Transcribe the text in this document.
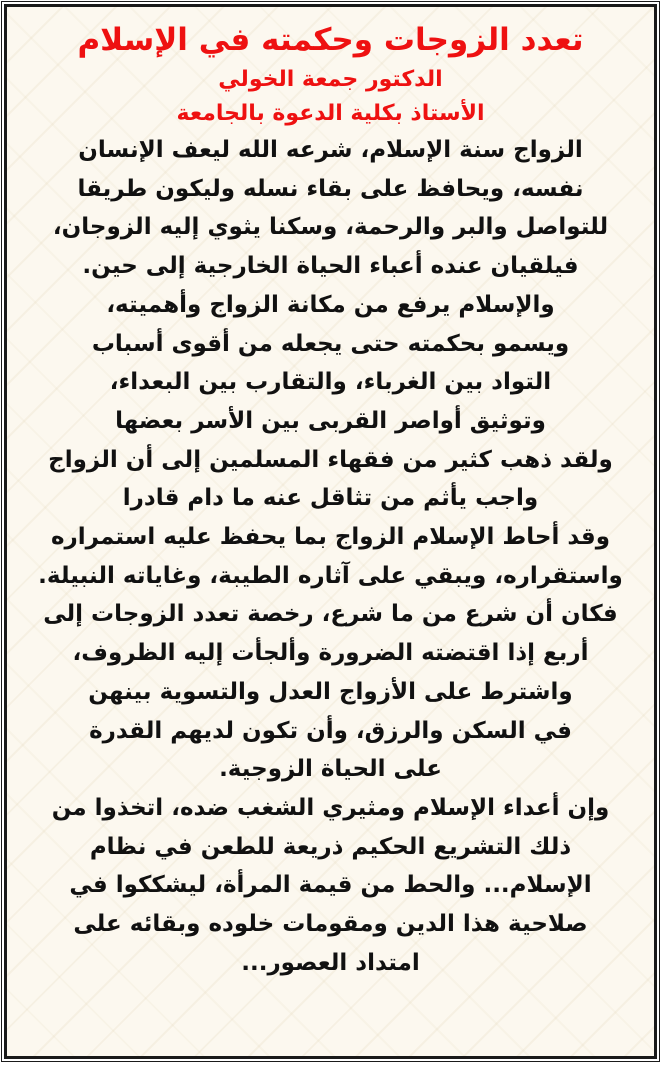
تعدد الزوجات وحكمته في الإسلام

الدكتور جمعة الخولي

الأستاذ بكلية الدعوة بالجامعة

الزواج سنة الإسلام، شرعه الله ليعف الإنسان

نفسه، ويحافظ على بقاء نسله وليكون طريقا

للتواصل والبر والرحمة، وسكنا يثوي إليه الزوجان،

فيلقيان عنده أعباء الحياة الخارجية إلى حين.

والإسلام يرفع من مكانة الزواج وأهميته،

ويسمو بحكمته حتى يجعله من أقوى أسباب

التواد بين الغرباء، والتقارب بين البعداء،

وتوثيق أواصر القربى بين الأسر بعضها

ولقد ذهب كثير من فقهاء المسلمين إلى أن الزواج

واجب يأثم من تثاقل عنه ما دام قادرا

وقد أحاط الإسلام الزواج بما يحفظ عليه استمراره

واستقراره، ويبقي على آثاره الطيبة، وغاياته النبيلة.

فكان أن شرع من ما شرع، رخصة تعدد الزوجات إلى

أربع إذا اقتضته الضرورة وألجأت إليه الظروف،

واشترط على الأزواج العدل والتسوية بينهن

في السكن والرزق، وأن تكون لديهم القدرة

على الحياة الزوجية.

وإن أعداء الإسلام ومثيري الشغب ضده، اتخذوا من

ذلك التشريع الحكيم ذريعة للطعن في نظام

الإسلام... والحط من قيمة المرأة، ليشككوا في

صلاحية هذا الدين ومقومات خلوده وبقائه على

امتداد العصور...
